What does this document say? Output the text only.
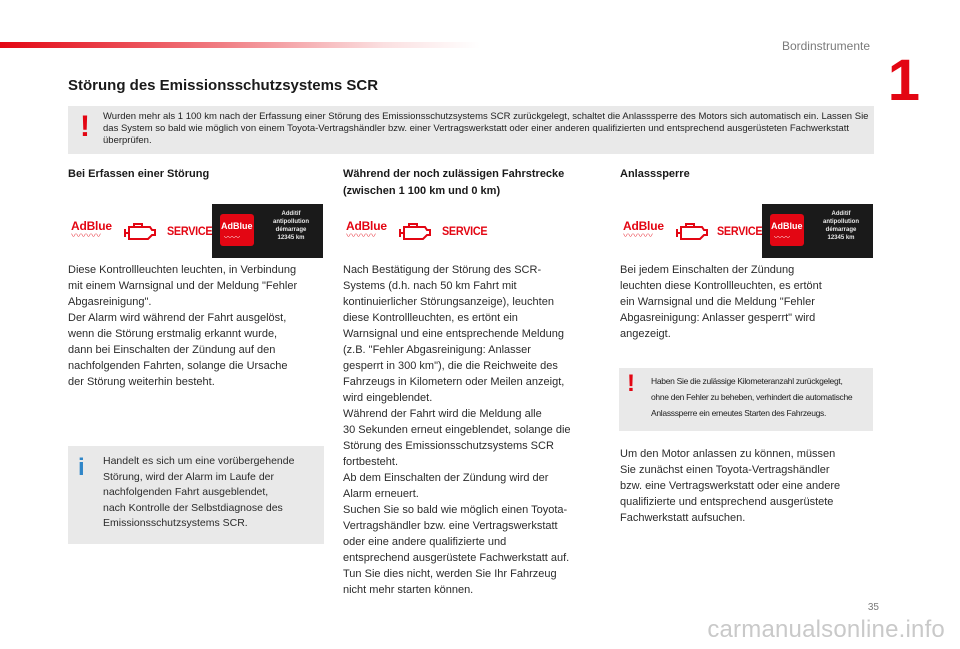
Bordinstrumente
1
Störung des Emissionsschutzsystems SCR
! Wurden mehr als 1 100 km nach der Erfassung einer Störung des Emissionsschutzsystems SCR zurückgelegt, schaltet die Anlasssperre des Motors sich automatisch ein. Lassen Sie das System so bald wie möglich von einem Toyota-Vertragshändler bzw. einer Vertragswerkstatt oder einer anderen qualifizierten und entsprechend ausgerüsteten Fachwerkstatt überprüfen.
Bei Erfassen einer Störung
AdBlue
〰〰〰	SERVICE AdBlue
〰〰
Additif
antipollution
démarrage
12345 km
Diese Kontrollleuchten leuchten, in Verbindung
mit einem Warnsignal und der Meldung "Fehler
Abgasreinigung".
Der Alarm wird während der Fahrt ausgelöst,
wenn die Störung erstmalig erkannt wurde,
dann bei Einschalten der Zündung auf den
nachfolgenden Fahrten, solange die Ursache
der Störung weiterhin besteht.
i Handelt es sich um eine vorübergehende
Störung, wird der Alarm im Laufe der
nachfolgenden Fahrt ausgeblendet,
nach Kontrolle der Selbstdiagnose des
Emissionsschutzsystems SCR.
Während der noch zulässigen Fahrstrecke
(zwischen 1 100 km und 0 km)
AdBlue
〰〰〰	SERVICE
Nach Bestätigung der Störung des SCR-
Systems (d.h. nach 50 km Fahrt mit
kontinuierlicher Störungsanzeige), leuchten
diese Kontrollleuchten, es ertönt ein
Warnsignal und eine entsprechende Meldung
(z.B. "Fehler Abgasreinigung: Anlasser
gesperrt in 300 km"), die die Reichweite des
Fahrzeugs in Kilometern oder Meilen anzeigt,
wird eingeblendet.
Während der Fahrt wird die Meldung alle
30 Sekunden erneut eingeblendet, solange die
Störung des Emissionsschutzsystems SCR
fortbesteht.
Ab dem Einschalten der Zündung wird der
Alarm erneuert.
Suchen Sie so bald wie möglich einen Toyota-
Vertragshändler bzw. eine Vertragswerkstatt
oder eine andere qualifizierte und
entsprechend ausgerüstete Fachwerkstatt auf.
Tun Sie dies nicht, werden Sie Ihr Fahrzeug
nicht mehr starten können.
Anlasssperre
AdBlue
〰〰〰	SERVICE AdBlue
〰〰
Additif
antipollution
démarrage
12345 km
Bei jedem Einschalten der Zündung
leuchten diese Kontrollleuchten, es ertönt
ein Warnsignal und die Meldung "Fehler
Abgasreinigung: Anlasser gesperrt" wird
angezeigt.
! Haben Sie die zulässige Kilometeranzahl zurückgelegt,
ohne den Fehler zu beheben, verhindert die automatische
Anlasssperre ein erneutes Starten des Fahrzeugs.
Um den Motor anlassen zu können, müssen
Sie zunächst einen Toyota-Vertragshändler
bzw. eine Vertragswerkstatt oder eine andere
qualifizierte und entsprechend ausgerüstete
Fachwerkstatt aufsuchen.
35
carmanualsonline.info
